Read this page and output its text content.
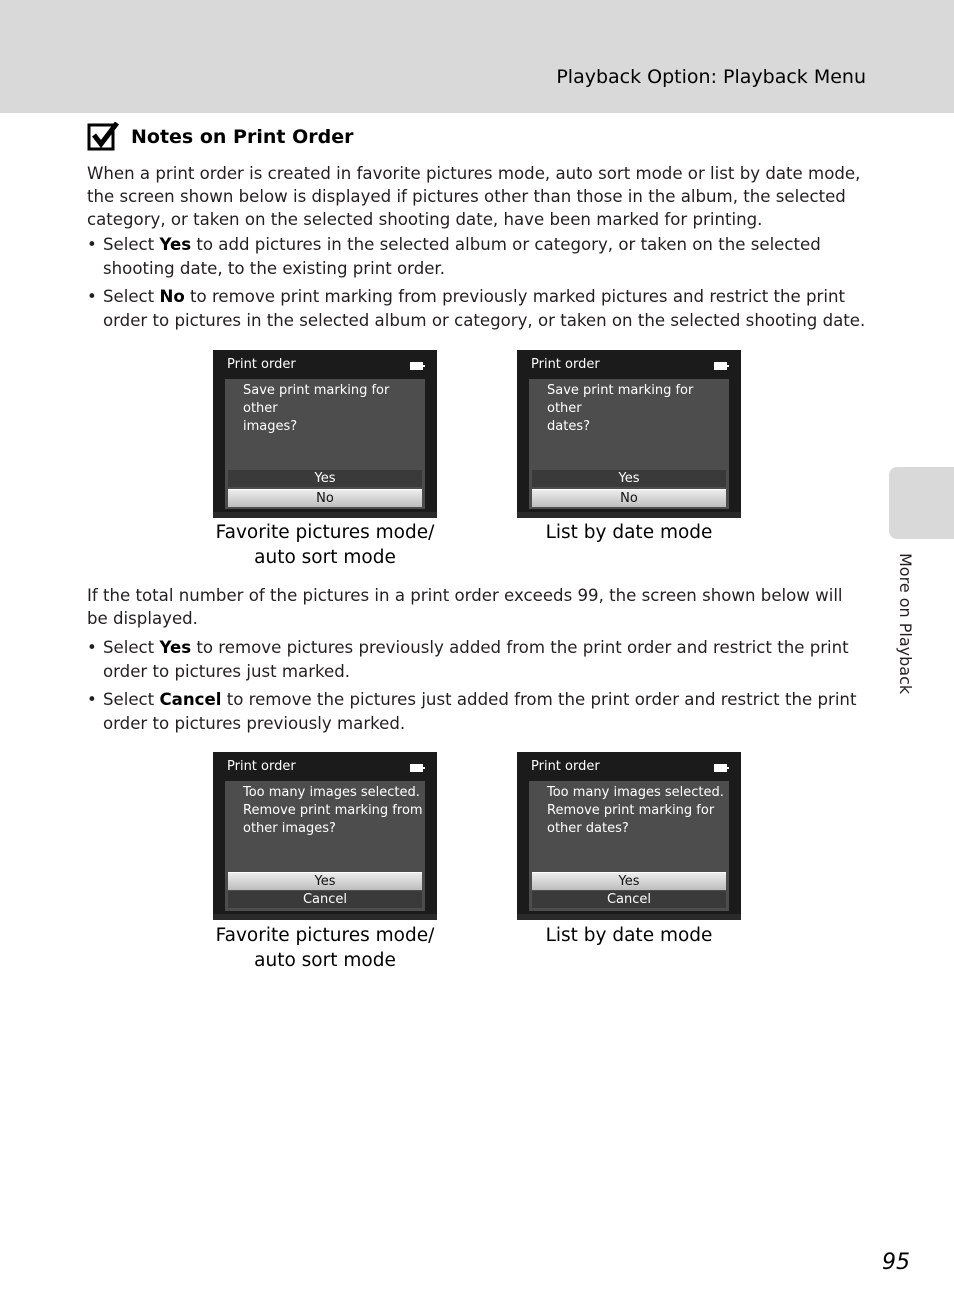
Playback Option: Playback Menu
More on Playback
Notes on Print Order

When a print order is created in favorite pictures mode, auto sort mode or list by date mode, the screen shown below is displayed if pictures other than those in the album, the selected category, or taken on the selected shooting date, have been marked for printing.

• Select Yes to add pictures in the selected album or category, or taken on the selected shooting date, to the existing print order.
• Select No to remove print marking from previously marked pictures and restrict the print order to pictures in the selected album or category, or taken on the selected shooting date.
Print order
Save print marking for other
images?
Yes
No
Favorite pictures mode/
auto sort mode
Print order
Save print marking for other
dates?
Yes
No
List by date mode

If the total number of the pictures in a print order exceeds 99, the screen shown below will be displayed.

• Select Yes to remove pictures previously added from the print order and restrict the print order to pictures just marked.
• Select Cancel to remove the pictures just added from the print order and restrict the print order to pictures previously marked.
Print order
Too many images selected.
Remove print marking from
other images?
Yes
Cancel
Favorite pictures mode/
auto sort mode
Print order
Too many images selected.
Remove print marking for
other dates?
Yes
Cancel
List by date mode
95
